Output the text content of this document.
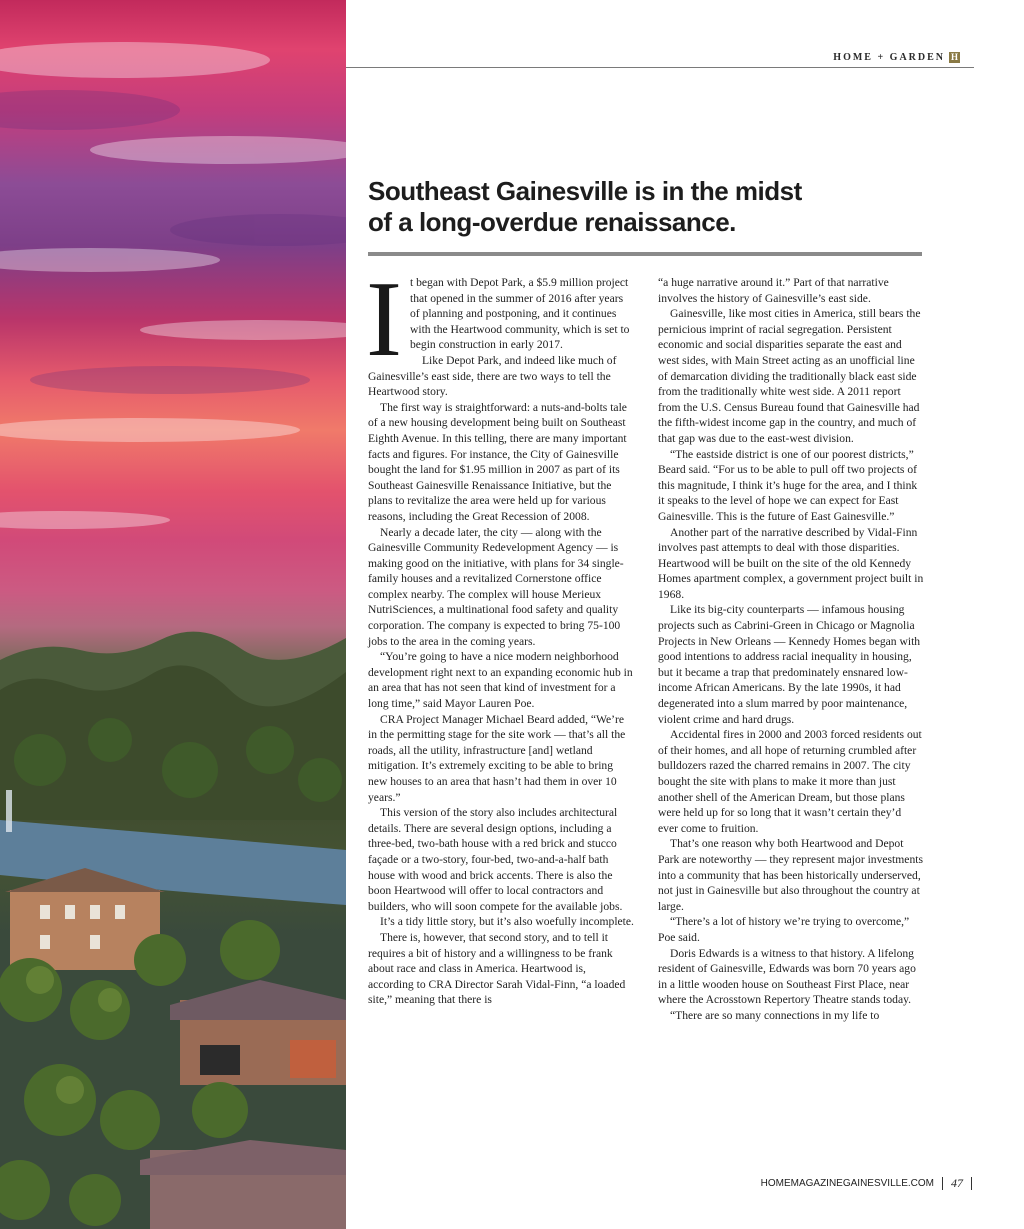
HOME + GARDEN H
Southeast Gainesville is in the midst
of a long-overdue renaissance.

It began with Depot Park, a $5.9 million project that opened in the summer of 2016 after years of planning and postponing, and it continues with the Heartwood community, which is set to begin construction in early 2017.

Like Depot Park, and indeed like much of Gainesville’s east side, there are two ways to tell the Heartwood story.

The first way is straightforward: a nuts-and-bolts tale of a new housing development being built on Southeast Eighth Avenue. In this telling, there are many important facts and figures. For instance, the City of Gainesville bought the land for $1.95 million in 2007 as part of its Southeast Gainesville Renaissance Initiative, but the plans to revitalize the area were held up for various reasons, including the Great Recession of 2008.

Nearly a decade later, the city — along with the Gainesville Community Redevelopment Agency — is making good on the initiative, with plans for 34 single-family houses and a revitalized Cornerstone office complex nearby. The complex will house Merieux NutriSciences, a multinational food safety and quality corporation. The company is expected to bring 75-100 jobs to the area in the coming years.

“You’re going to have a nice modern neighborhood development right next to an expanding economic hub in an area that has not seen that kind of investment for a long time,” said Mayor Lauren Poe.

CRA Project Manager Michael Beard added, “We’re in the permitting stage for the site work — that’s all the roads, all the utility, infrastructure [and] wetland mitigation. It’s extremely exciting to be able to bring new houses to an area that hasn’t had them in over 10 years.”

This version of the story also includes architectural details. There are several design options, including a three-bed, two-bath house with a red brick and stucco façade or a two-story, four-bed, two-and-a-half bath house with wood and brick accents. There is also the boon Heartwood will offer to local contractors and builders, who will soon compete for the available jobs.

It’s a tidy little story, but it’s also woefully incomplete.

There is, however, that second story, and to tell it requires a bit of history and a willingness to be frank about race and class in America. Heartwood is, according to CRA Director Sarah Vidal-Finn, “a loaded site,” meaning that there is

“a huge narrative around it.” Part of that narrative involves the history of Gainesville’s east side.

Gainesville, like most cities in America, still bears the pernicious imprint of racial segregation. Persistent economic and social disparities separate the east and west sides, with Main Street acting as an unofficial line of demarcation dividing the traditionally black east side from the traditionally white west side. A 2011 report from the U.S. Census Bureau found that Gainesville had the fifth-widest income gap in the country, and much of that gap was due to the east-west division.

“The eastside district is one of our poorest districts,” Beard said. “For us to be able to pull off two projects of this magnitude, I think it’s huge for the area, and I think it speaks to the level of hope we can expect for East Gainesville. This is the future of East Gainesville.”

Another part of the narrative described by Vidal-Finn involves past attempts to deal with those disparities. Heartwood will be built on the site of the old Kennedy Homes apartment complex, a government project built in 1968.

Like its big-city counterparts — infamous housing projects such as Cabrini-Green in Chicago or Magnolia Projects in New Orleans — Kennedy Homes began with good intentions to address racial inequality in housing, but it became a trap that predominately ensnared low-income African Americans. By the late 1990s, it had degenerated into a slum marred by poor maintenance, violent crime and hard drugs.

Accidental fires in 2000 and 2003 forced residents out of their homes, and all hope of returning crumbled after bulldozers razed the charred remains in 2007. The city bought the site with plans to make it more than just another shell of the American Dream, but those plans were held up for so long that it wasn’t certain they’d ever come to fruition.

That’s one reason why both Heartwood and Depot Park are noteworthy — they represent major investments into a community that has been historically underserved, not just in Gainesville but also throughout the country at large.

“There’s a lot of history we’re trying to overcome,” Poe said.

Doris Edwards is a witness to that history. A lifelong resident of Gainesville, Edwards was born 70 years ago in a little wooden house on Southeast First Place, near where the Acrosstown Repertory Theatre stands today.

“There are so many connections in my life to

HOMEMAGAZINEGAINESVILLE.COM 47
